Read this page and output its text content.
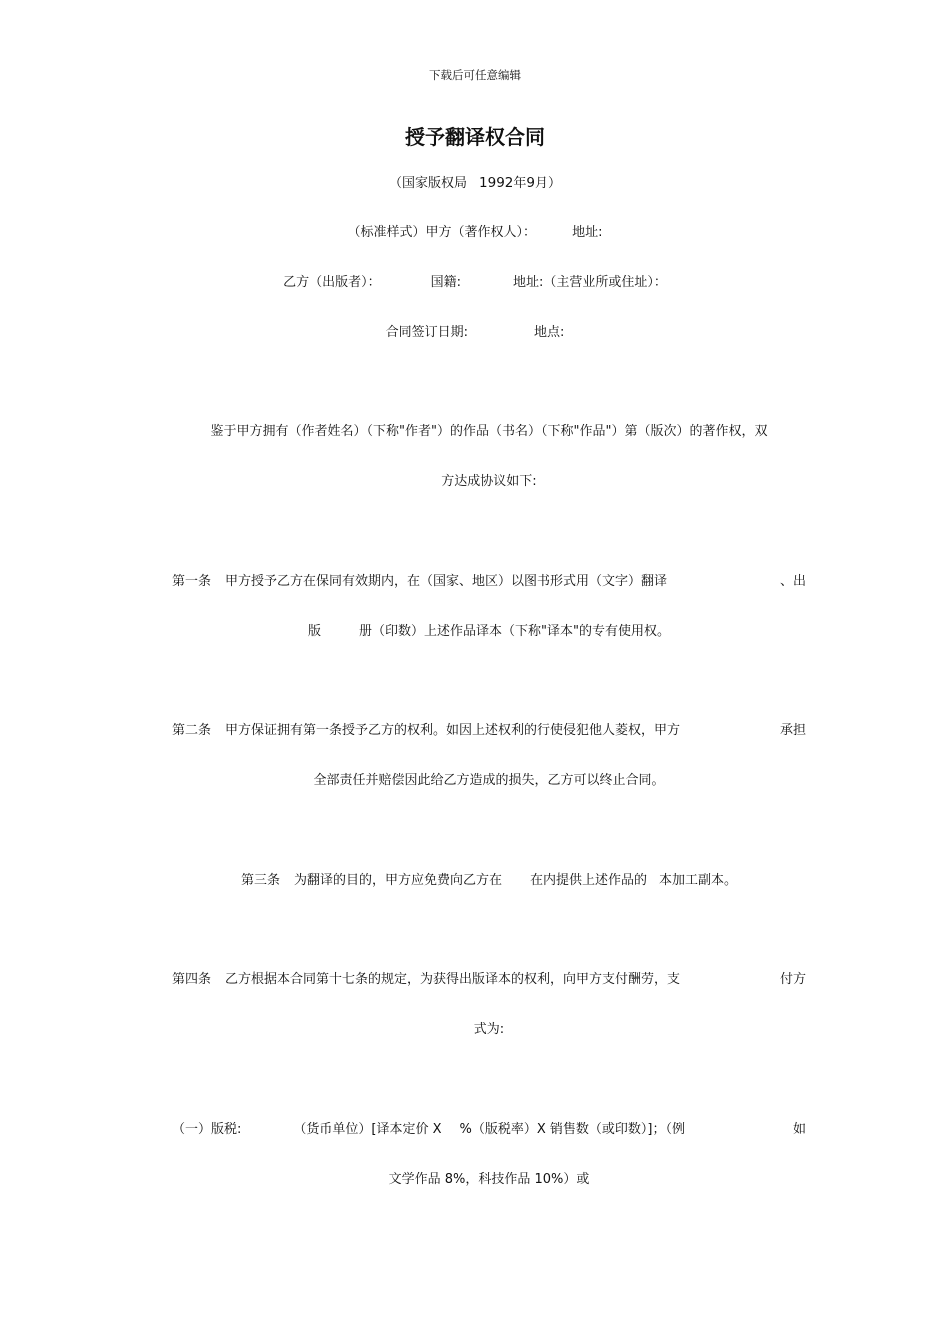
下载后可任意编辑
授予翻译权合同
（国家版权局 1992年9月）
（标准样式）甲方（著作权人）：	地址:
乙方（出版者）：	国籍:	地址:（主营业所或住址）：
合同签订日期:	地点:
鉴于甲方拥有（作者姓名）（下称"作者"）的作品（书名）（下称"作品"）第（版次）的著作权，双
方达成协议如下:
第一条 甲方授予乙方在保同有效期内，在（国家、地区）以图书形式用（文字）翻译	、出
版	册（印数）上述作品译本（下称"译本"的专有使用权。
第二条 甲方保证拥有第一条授予乙方的权利。如因上述权利的行使侵犯他人菱权，甲方	承担
全部责任并赔偿因此给乙方造成的损失，乙方可以终止合同。
第三条 为翻译的目的，甲方应免费向乙方在 在内提供上述作品的 本加工副本。
第四条 乙方根据本合同第十七条的规定，为获得出版译本的权利，向甲方支付酬劳，支	付方
式为:
（一）版税:	（货币单位）[译本定价 X %（版税率）X 销售数（或印数）]；（例	如
文学作品 8%，科技作品 10%）或
